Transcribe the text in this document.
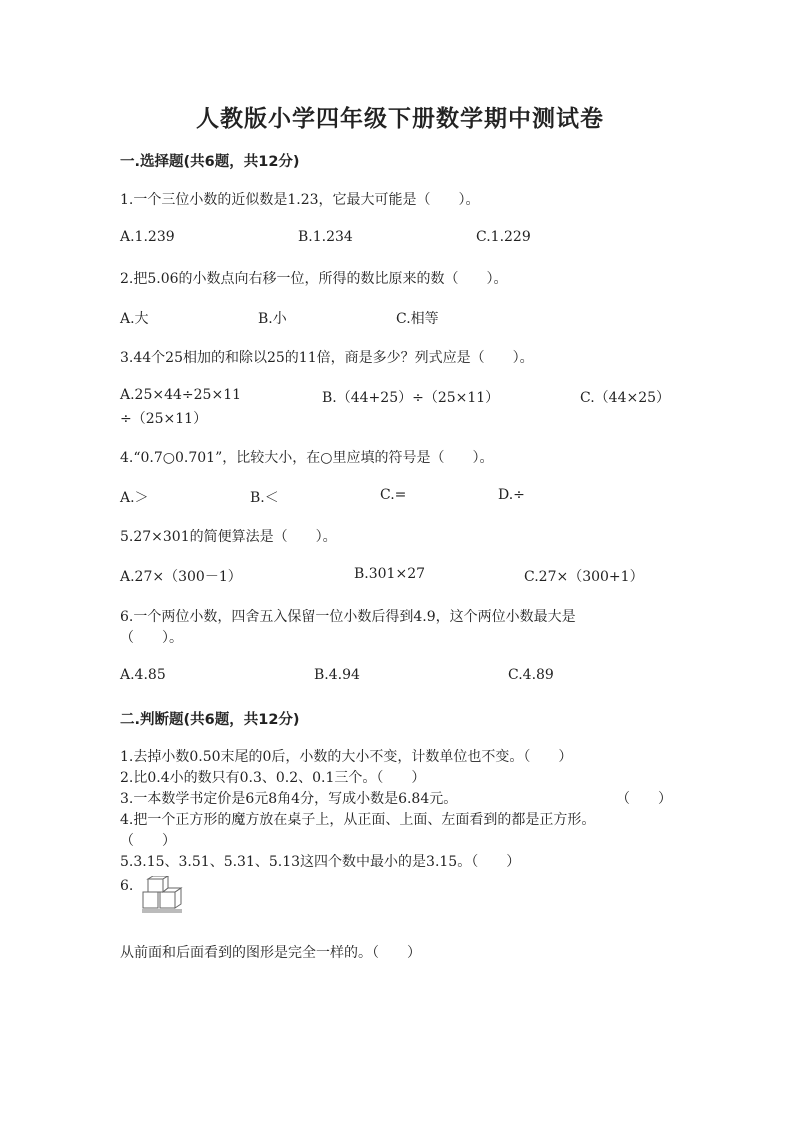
人教版小学四年级下册数学期中测试卷
一.选择题(共6题，共12分)
1.一个三位小数的近似数是1.23，它最大可能是（　　）。
A.1.239	B.1.234	C.1.229
2.把5.06的小数点向右移一位，所得的数比原来的数（　　）。
A.大	B.小	C.相等
3.44个25相加的和除以25的11倍，商是多少？列式应是（　　）。
A.25×44÷25×11	B.（44+25）÷（25×11）	C.（44×25）
÷（25×11）
4.“0.7○0.701”，比较大小，在○里应填的符号是（　　）。
A.＞	B.＜	C.=	D.÷
5.27×301的简便算法是（　　）。
A.27×（300－1）	B.301×27	C.27×（300+1）
6.一个两位小数，四舍五入保留一位小数后得到4.9，这个两位小数最大是
（　　）。
A.4.85	B.4.94	C.4.89
二.判断题(共6题，共12分)
1.去掉小数0.50末尾的0后，小数的大小不变，计数单位也不变。（　　）
2.比0.4小的数只有0.3、0.2、0.1三个。（　　）
3.一本数学书定价是6元8角4分，写成小数是6.84元。	（　　）
4.把一个正方形的魔方放在桌子上，从正面、上面、左面看到的都是正方形。
（　　）
5.3.15、3.51、5.31、5.13这四个数中最小的是3.15。（　　）
6.
从前面和后面看到的图形是完全一样的。（　　）
